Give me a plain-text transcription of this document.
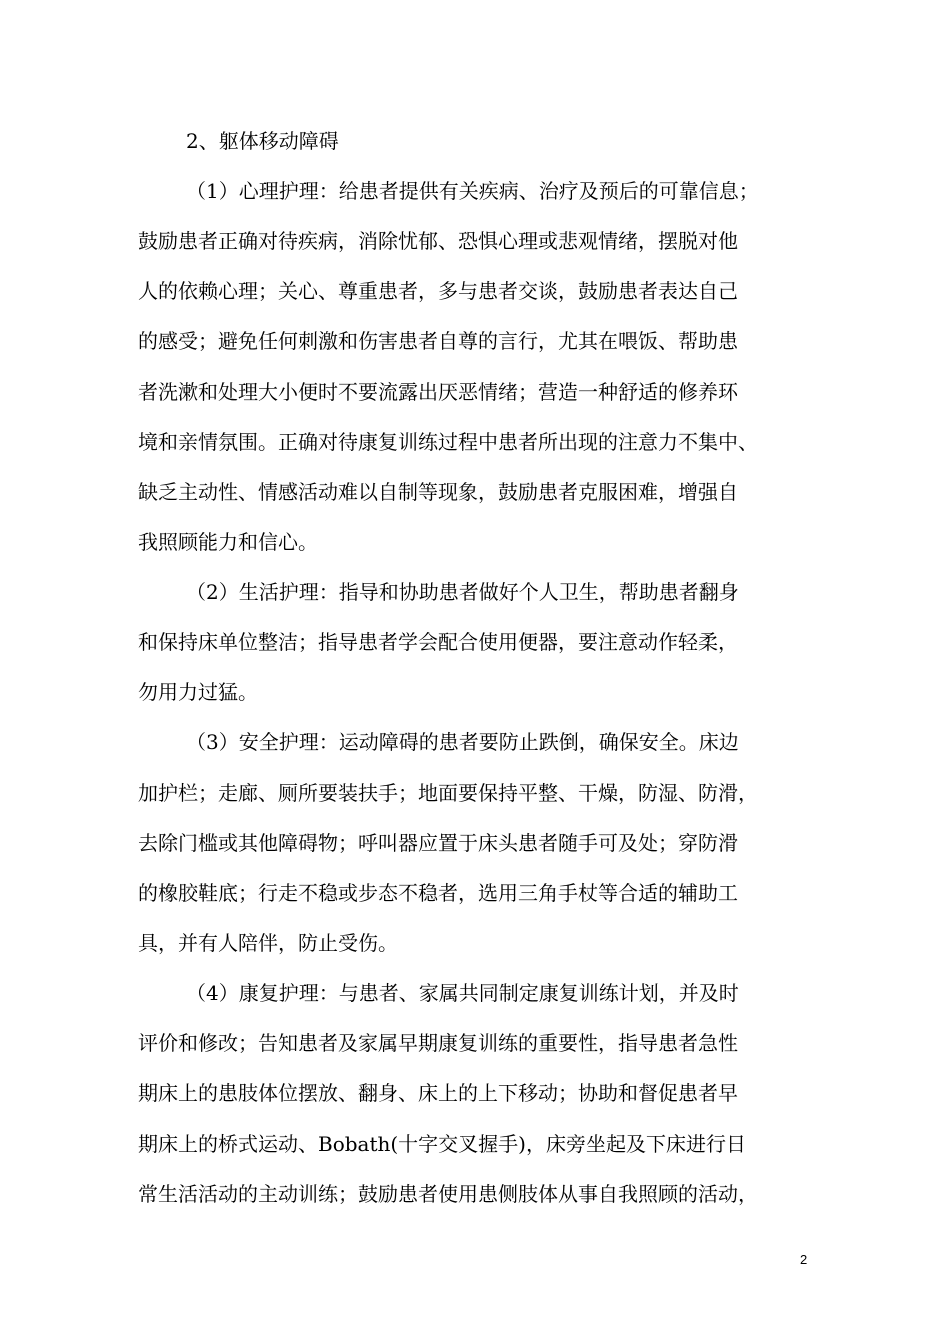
2、躯体移动障碍

（1）心理护理：给患者提供有关疾病、治疗及预后的可靠信息；

鼓励患者正确对待疾病，消除忧郁、恐惧心理或悲观情绪，摆脱对他

人的依赖心理；关心、尊重患者，多与患者交谈，鼓励患者表达自己

的感受；避免任何刺激和伤害患者自尊的言行，尤其在喂饭、帮助患

者洗漱和处理大小便时不要流露出厌恶情绪；营造一种舒适的修养环

境和亲情氛围。正确对待康复训练过程中患者所出现的注意力不集中、

缺乏主动性、情感活动难以自制等现象，鼓励患者克服困难，增强自

我照顾能力和信心。

（2）生活护理：指导和协助患者做好个人卫生，帮助患者翻身

和保持床单位整洁；指导患者学会配合使用便器，要注意动作轻柔，

勿用力过猛。

（3）安全护理：运动障碍的患者要防止跌倒，确保安全。床边

加护栏；走廊、厕所要装扶手；地面要保持平整、干燥，防湿、防滑，

去除门槛或其他障碍物；呼叫器应置于床头患者随手可及处；穿防滑

的橡胶鞋底；行走不稳或步态不稳者，选用三角手杖等合适的辅助工

具，并有人陪伴，防止受伤。

（4）康复护理：与患者、家属共同制定康复训练计划，并及时

评价和修改；告知患者及家属早期康复训练的重要性，指导患者急性

期床上的患肢体位摆放、翻身、床上的上下移动；协助和督促患者早

期床上的桥式运动、Bobath(十字交叉握手)，床旁坐起及下床进行日

常生活活动的主动训练；鼓励患者使用患侧肢体从事自我照顾的活动，

2
